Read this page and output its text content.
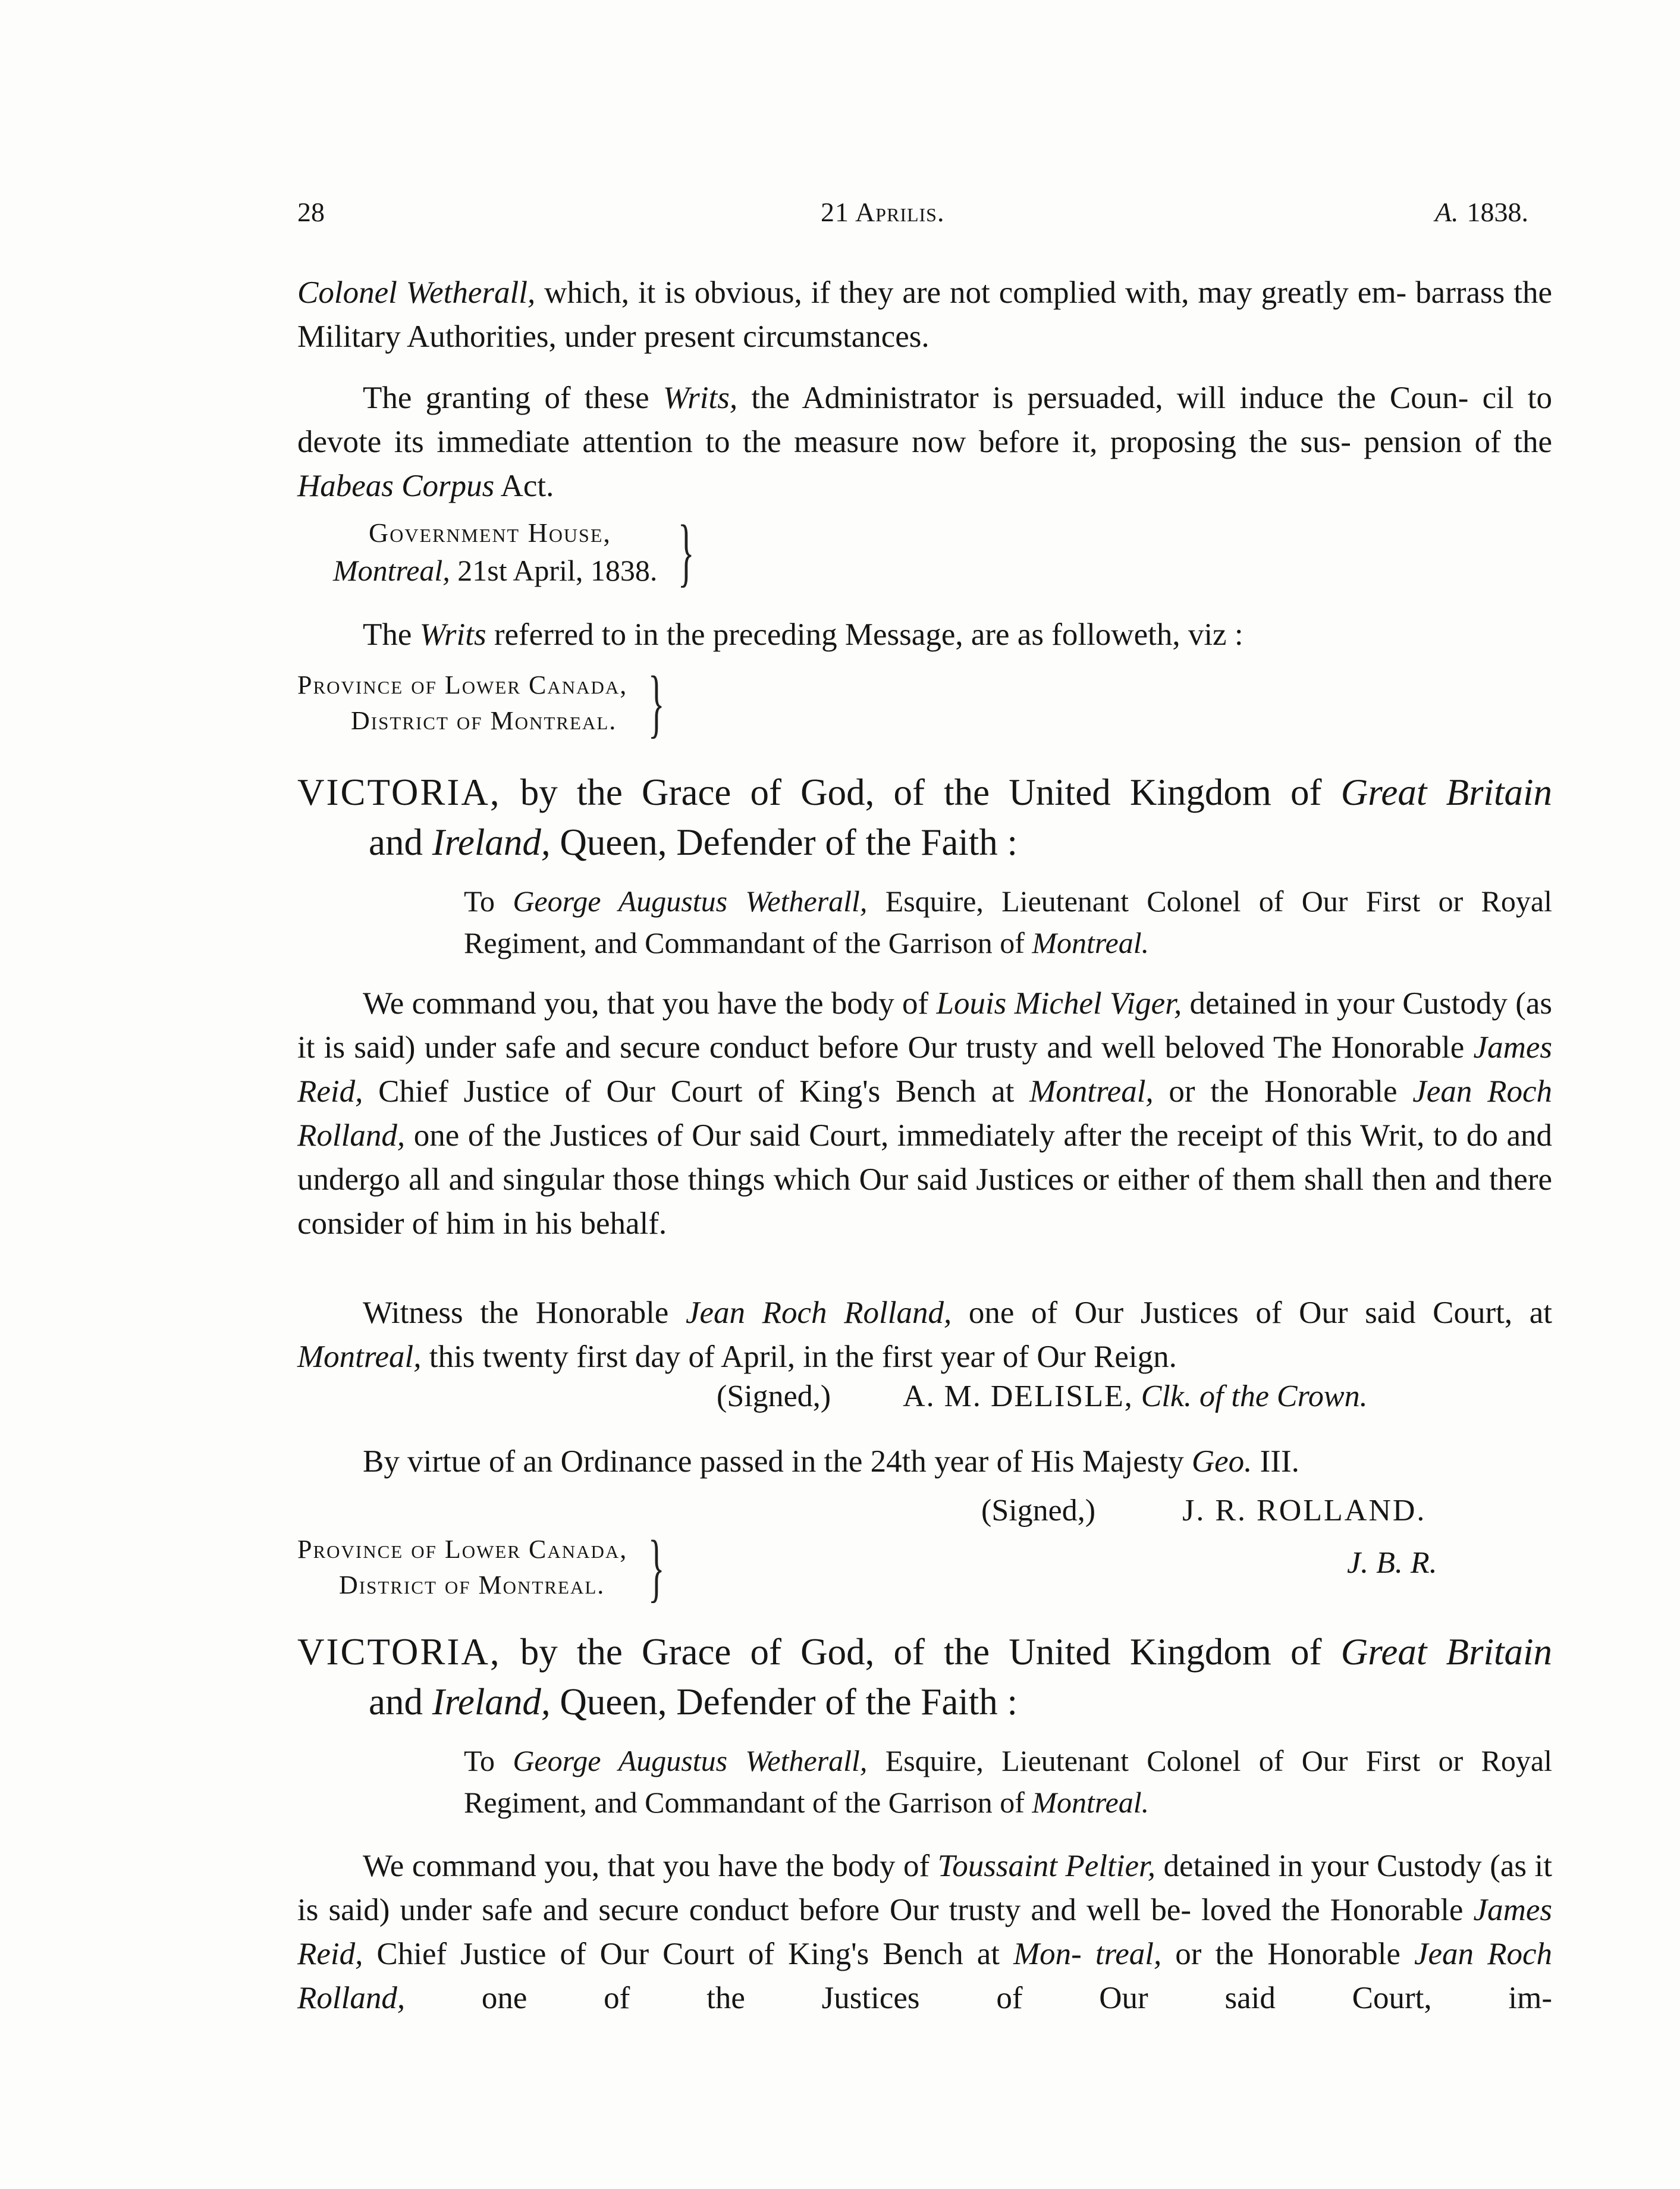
28	21 Aprilis.	A. 1838.

Colonel Wetherall, which, it is obvious, if they are not complied with, may greatly em- barrass the Military Authorities, under present circumstances.

The granting of these Writs, the Administrator is persuaded, will induce the Coun- cil to devote its immediate attention to the measure now before it, proposing the sus- pension of the Habeas Corpus Act.

Government House,
Montreal, 21st April, 1838. }

The Writs referred to in the preceding Message, are as followeth, viz :

Province of Lower Canada,
District of Montreal. }

VICTORIA, by the Grace of God, of the United Kingdom of Great Britain

and Ireland, Queen, Defender of the Faith :

To George Augustus Wetherall, Esquire, Lieutenant Colonel of Our First or Royal Regiment, and Commandant of the Garrison of Montreal.

We command you, that you have the body of Louis Michel Viger, detained in your Custody (as it is said) under safe and secure conduct before Our trusty and well beloved The Honorable James Reid, Chief Justice of Our Court of King's Bench at Montreal, or the Honorable Jean Roch Rolland, one of the Justices of Our said Court, immediately after the receipt of this Writ, to do and undergo all and singular those things which Our said Justices or either of them shall then and there consider of him in his behalf.

Witness the Honorable Jean Roch Rolland, one of Our Justices of Our said Court, at Montreal, this twenty first day of April, in the first year of Our Reign.

(Signed,) A. M. DELISLE, Clk. of the Crown.

By virtue of an Ordinance passed in the 24th year of His Majesty Geo. III.

(Signed,)	J. R. ROLLAND.
Province of Lower Canada,
District of Montreal. }	J. B. R.

VICTORIA, by the Grace of God, of the United Kingdom of Great Britain

and Ireland, Queen, Defender of the Faith :

To George Augustus Wetherall, Esquire, Lieutenant Colonel of Our First or Royal Regiment, and Commandant of the Garrison of Montreal.

We command you, that you have the body of Toussaint Peltier, detained in your Custody (as it is said) under safe and secure conduct before Our trusty and well be- loved the Honorable James Reid, Chief Justice of Our Court of King's Bench at Mon- treal, or the Honorable Jean Roch Rolland, one of the Justices of Our said Court, im-
